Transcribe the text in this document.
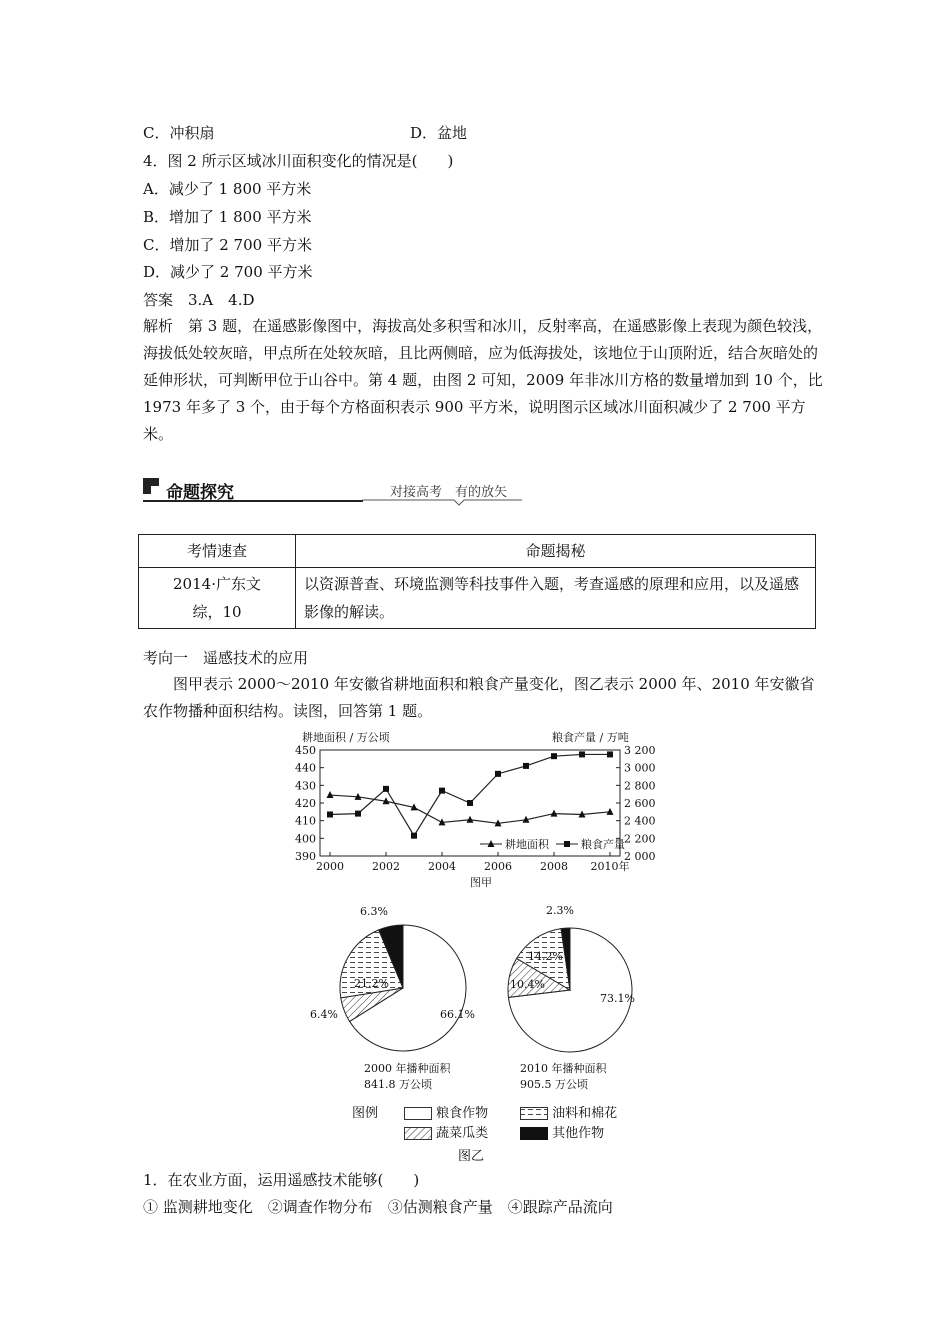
C．冲积扇	D．盆地
4．图 2 所示区域冰川面积变化的情况是(　　)
A．减少了 1 800 平方米
B．增加了 1 800 平方米
C．增加了 2 700 平方米
D．减少了 2 700 平方米
答案　3.A　4.D
解析　第 3 题，在遥感影像图中，海拔高处多积雪和冰川，反射率高，在遥感影像上表现为颜色较浅，海拔低处较灰暗，甲点所在处较灰暗，且比两侧暗，应为低海拔处，该地位于山顶附近，结合灰暗处的延伸形状，可判断甲位于山谷中。第 4 题，由图 2 可知，2009 年非冰川方格的数量增加到 10 个，比 1973 年多了 3 个，由于每个方格面积表示 900 平方米，说明图示区域冰川面积减少了 2 700 平方米。
命题探究	对接高考　有的放矢
考情速查	命题揭秘
2014·广东文综，10	以资源普查、环境监测等科技事件入题，考查遥感的原理和应用，以及遥感影像的解读。
考向一　遥感技术的应用
图甲表示 2000～2010 年安徽省耕地面积和粮食产量变化，图乙表示 2000 年、2010 年安徽省农作物播种面积结构。读图，回答第 1 题。
耕地面积 / 万公顷	粮食产量 / 万吨
450
440
430
420
410
400
390
3 200
3 000
2 800
2 600
2 400
2 200
2 000
2000	2002	2004	2006	2008 2010年
耕地面积	粮食产量
图甲
66.1%
6.4%
21.2%
6.3%
73.1%
10.4%
14.2%
2.3%
2000 年播种面积
841.8 万公顷
2010 年播种面积
905.5 万公顷
图例	粮食作物	油料和棉花
蔬菜瓜类	其他作物
图乙
1．在农业方面，运用遥感技术能够(　　)
① 监测耕地变化　②调查作物分布　③估测粮食产量　④跟踪产品流向
